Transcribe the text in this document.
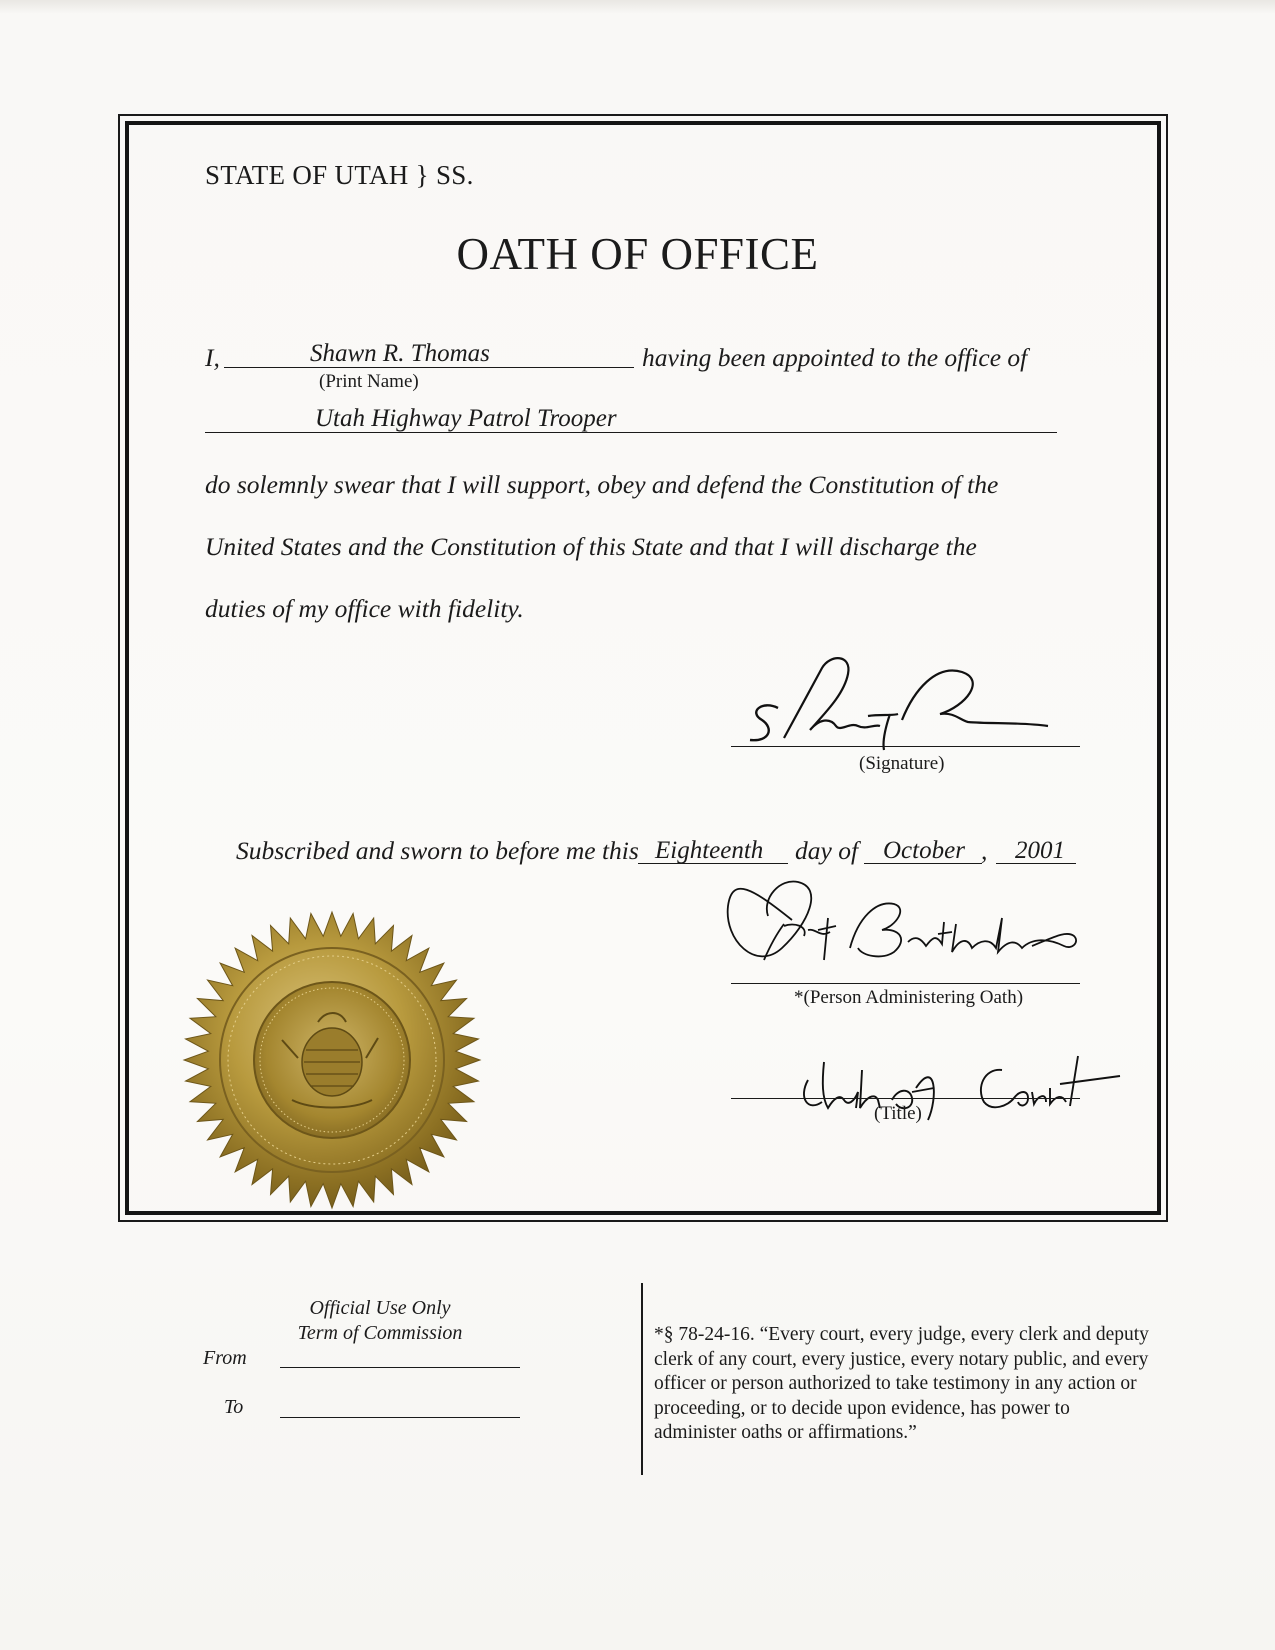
STATE OF UTAH } SS.
OATH OF OFFICE
I,	Shawn R. Thomas
(Print Name)
having been appointed to the office of
Utah Highway Patrol Trooper
do solemnly swear that I will support, obey and defend the Constitution of the
United States and the Constitution of this State and that I will discharge the
duties of my office with fidelity.
(Signature)
Subscribed and sworn to before me this Eighteenth day of October , 2001
*(Person Administering Oath)
(Title)
Official Use Only
Term of Commission
From
To
*§ 78-24-16. “Every court, every judge, every clerk and deputy clerk of any court, every justice, every notary public, and every officer or person authorized to take testimony in any action or proceeding, or to decide upon evidence, has power to administer oaths or affirmations.”
